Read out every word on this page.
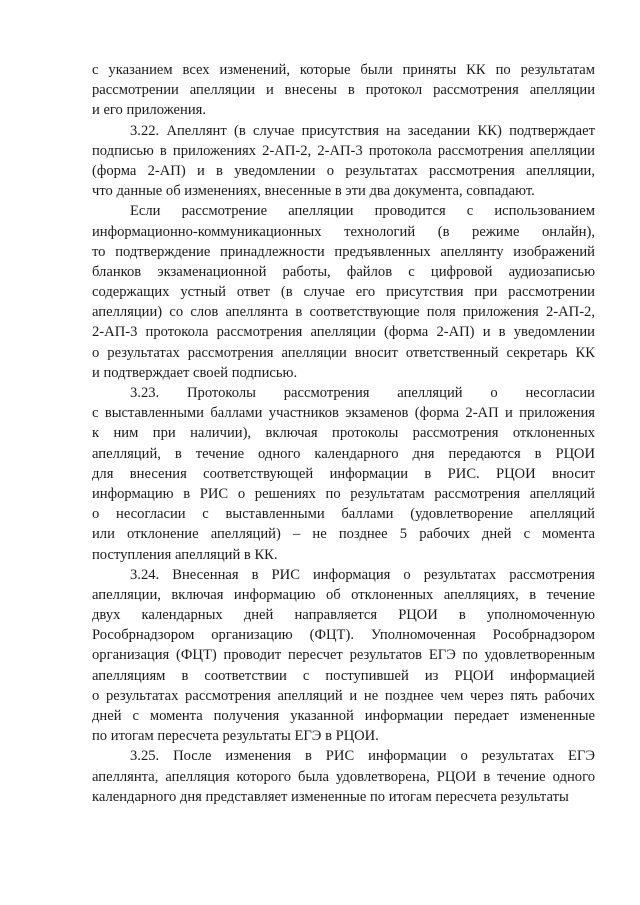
с указанием всех изменений, которые были приняты КК по результатам
рассмотрении апелляции и внесены в протокол рассмотрения апелляции
и его приложения.
3.22. Апеллянт (в случае присутствия на заседании КК) подтверждает
подписью в приложениях 2-АП-2, 2-АП-3 протокола рассмотрения апелляции
(форма 2-АП) и в уведомлении о результатах рассмотрения апелляции,
что данные об изменениях, внесенные в эти два документа, совпадают.
Если рассмотрение апелляции проводится с использованием
информационно-коммуникационных технологий (в режиме онлайн),
то подтверждение принадлежности предъявленных апеллянту изображений
бланков экзаменационной работы, файлов с цифровой аудиозаписью
содержащих устный ответ (в случае его присутствия при рассмотрении
апелляции) со слов апеллянта в соответствующие поля приложения 2-АП-2,
2-АП-3 протокола рассмотрения апелляции (форма 2-АП) и в уведомлении
о результатах рассмотрения апелляции вносит ответственный секретарь КК
и подтверждает своей подписью.
3.23. Протоколы рассмотрения апелляций о несогласии
с выставленными баллами участников экзаменов (форма 2-АП и приложения
к ним при наличии), включая протоколы рассмотрения отклоненных
апелляций, в течение одного календарного дня передаются в РЦОИ
для внесения соответствующей информации в РИС. РЦОИ вносит
информацию в РИС о решениях по результатам рассмотрения апелляций
о несогласии с выставленными баллами (удовлетворение апелляций
или отклонение апелляций) – не позднее 5 рабочих дней с момента
поступления апелляций в КК.
3.24. Внесенная в РИС информация о результатах рассмотрения
апелляции, включая информацию об отклоненных апелляциях, в течение
двух календарных дней направляется РЦОИ в уполномоченную
Рособрнадзором организацию (ФЦТ). Уполномоченная Рособрнадзором
организация (ФЦТ) проводит пересчет результатов ЕГЭ по удовлетворенным
апелляциям в соответствии с поступившей из РЦОИ информацией
о результатах рассмотрения апелляций и не позднее чем через пять рабочих
дней с момента получения указанной информации передает измененные
по итогам пересчета результаты ЕГЭ в РЦОИ.
3.25. После изменения в РИС информации о результатах ЕГЭ
апеллянта, апелляция которого была удовлетворена, РЦОИ в течение одного
календарного дня представляет измененные по итогам пересчета результаты
